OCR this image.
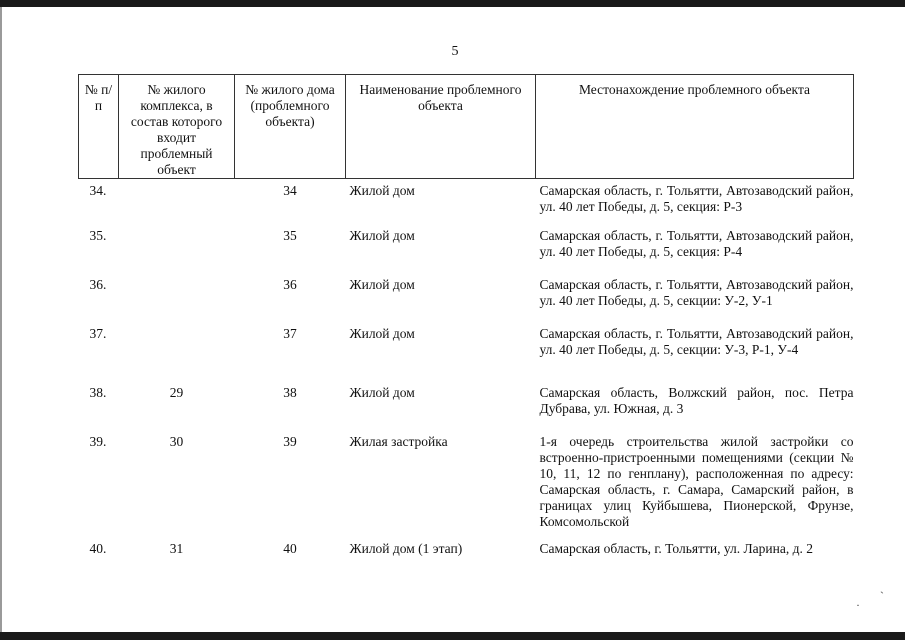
5
№ п/п	№ жилого комплекса, в состав которого входит проблемный объект	№ жилого дома (проблемного объекта)	Наименование проблемного объекта	Местонахождение проблемного объекта
34.		34	Жилой дом	Самарская область, г. Тольятти, Автозаводский район, ул. 40 лет Победы, д. 5, секция: Р-3
35.		35	Жилой дом	Самарская область, г. Тольятти, Автозаводский район, ул. 40 лет Победы, д. 5, секция: Р-4
36.		36	Жилой дом	Самарская область, г. Тольятти, Автозаводский район, ул. 40 лет Победы, д. 5, секции: У-2, У-1
37.		37	Жилой дом	Самарская область, г. Тольятти, Автозаводский район, ул. 40 лет Победы, д. 5, секции: У-3, Р-1, У-4
38.	29	38	Жилой дом	Самарская область, Волжский район, пос. Петра Дубрава, ул. Южная, д. 3
39.	30	39	Жилая застройка	1-я очередь строительства жилой застройки со встроенно-пристроенными помещениями (секции № 10, 11, 12 по генплану), расположенная по адресу: Самарская область, г. Самара, Самарский район, в границах улиц Куйбышева, Пионерской, Фрунзе, Комсомольской
40.	31	40	Жилой дом (1 этап)	Самарская область, г. Тольятти, ул. Ларина, д. 2
ˏ
·
